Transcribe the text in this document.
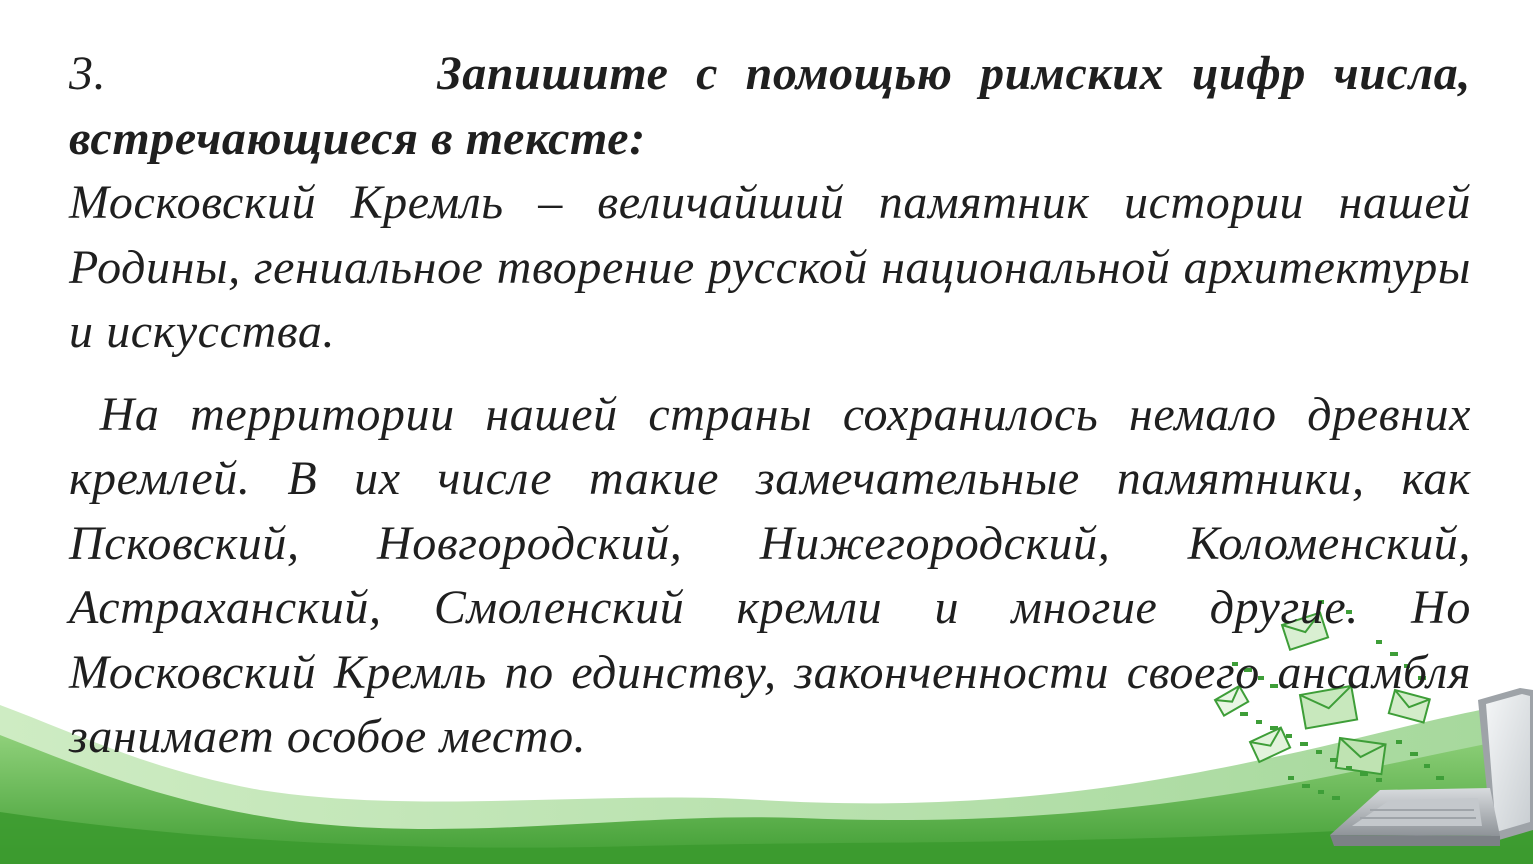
3.	Запишите с помощью римских цифр числа, встречающиеся в тексте:

Московский Кремль – величайший памятник истории нашей Родины, гениальное творение русской национальной архитектуры и искусства.

На территории нашей страны сохранилось немало древних кремлей. В их числе такие замечательные памятники, как Псковский, Новгородский, Нижегородский, Коломенский, Астраханский, Смоленский кремли и многие другие. Но Московский Кремль по единству, законченности своего ансамбля занимает особое место.
